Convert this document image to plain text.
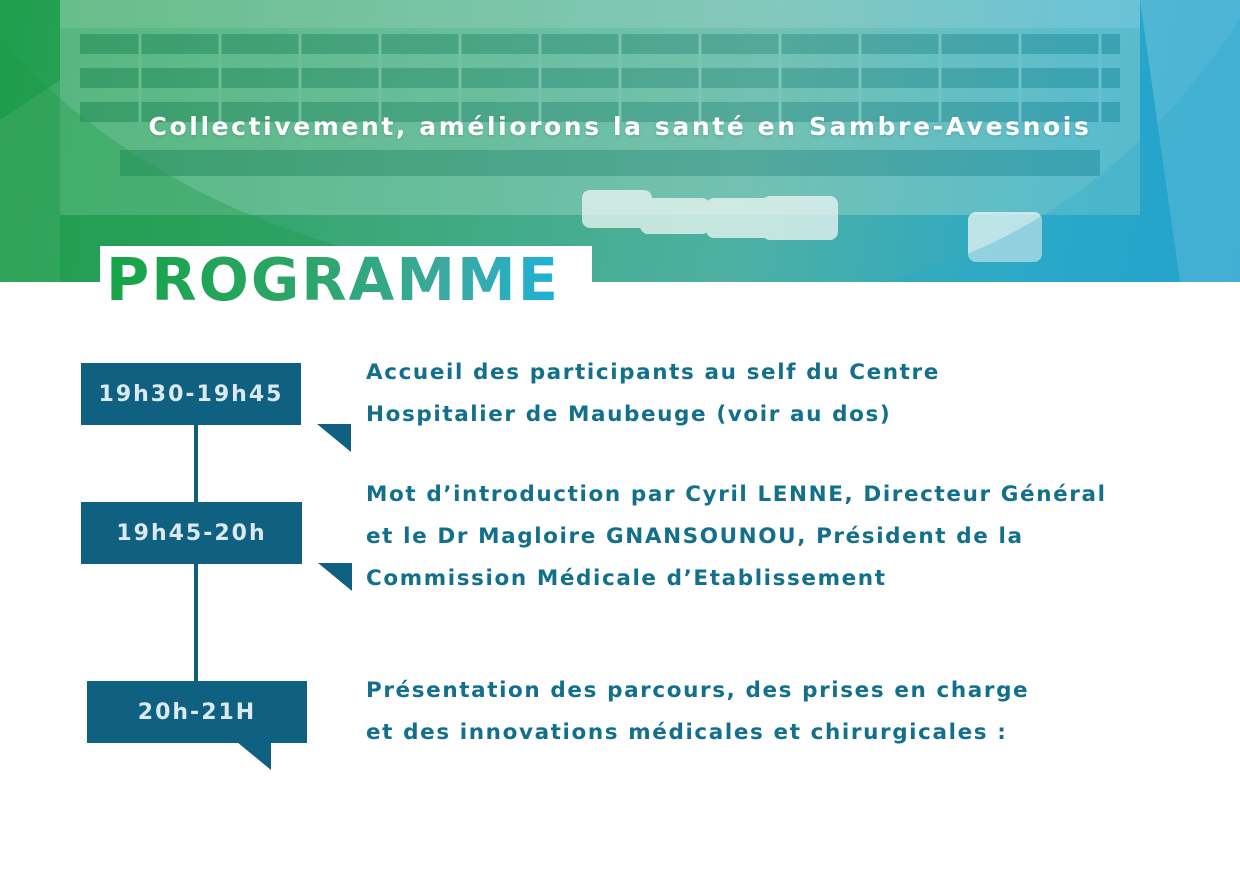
Collectivement, améliorons la santé en Sambre-Avesnois
PROGRAMME
19h30-19h45
19h45-20h
20h-21H
Accueil des participants au self du Centre
Hospitalier de Maubeuge (voir au dos)
Mot d’introduction par Cyril LENNE, Directeur Général
et le Dr Magloire GNANSOUNOU, Président de la
Commission Médicale d’Etablissement
Présentation des parcours, des prises en charge
et des innovations médicales et chirurgicales :
